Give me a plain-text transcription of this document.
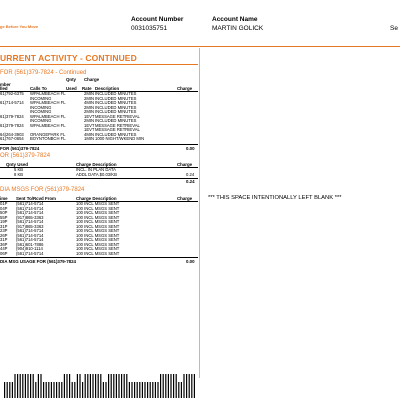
ge Before You Move
Account Number
0031035751
Account Name
MARTIN GOLICK	Se
URRENT ACTIVITY - CONTINUED
FOR (561)379-7824 - Continued
Qnty Charge
mber
lled	Calls To	Used Rate Description	Charge
61)792-6375 WPALMBEACH FL	2MIN INCLUDED MINUTES
INCOMING	2MIN INCLUDED MINUTES
61)714-5714 WPALMBEACH FL	4MIN INCLUDED MINUTES
INCOMING	2MIN INCLUDED MINUTES
INCOMING	2MIN INCLUDED MINUTES
61)379-7824 WPALMBEACH FL	1EVT MESSAGE RETRIEVAL
INCOMING	2MIN INCLUDED MINUTES
61)379-7824 WPALMBEACH FL	1EVT MESSAGE RETRIEVAL
1EVT MESSAGE RETRIEVAL
64)264-3903 ORANGEPARK FL	4MIN INCLUDED MINUTES
61)767-0654 BOYNTONBCH FL	1MIN 1000 NIGHT/WKEND MIN
FOR (561)379-7824	0.00
OR (561)379-7824
Qnty Used	Charge Description	Charge
5 KB	INCL. IN PLAN DATA
8 KB	ADDL DATA $0.03/KB	0.24
0.24
DIA MSGS FOR (561)379-7824
ime Sent To/Rcvd From	Charge Description	Charge
01P (561)714-5714	100 INCL MSGS SENT
04P (561)714-5714	100 INCL MSGS SENT
50P (561)714-5714	100 INCL MSGS SENT
55P (917)865-3363	100 INCL MSGS SENT
19P (561)714-5714	100 INCL MSGS SENT
31P (917)865-3363	100 INCL MSGS SENT
23P (561)714-5714	100 INCL MSGS SENT
26P (561)714-5714	100 INCL MSGS SENT
31P (561)714-5714	100 INCL MSGS SENT
36P (561)601-7886	100 INCL MSGS SENT
44P (904)910-1114	100 INCL MSGS SENT
06P (561)714-5714	100 INCL MSGS SENT
DIA MSG USAGE FOR (561)379-7824	0.00
*** THIS SPACE INTENTIONALLY LEFT BLANK ***
